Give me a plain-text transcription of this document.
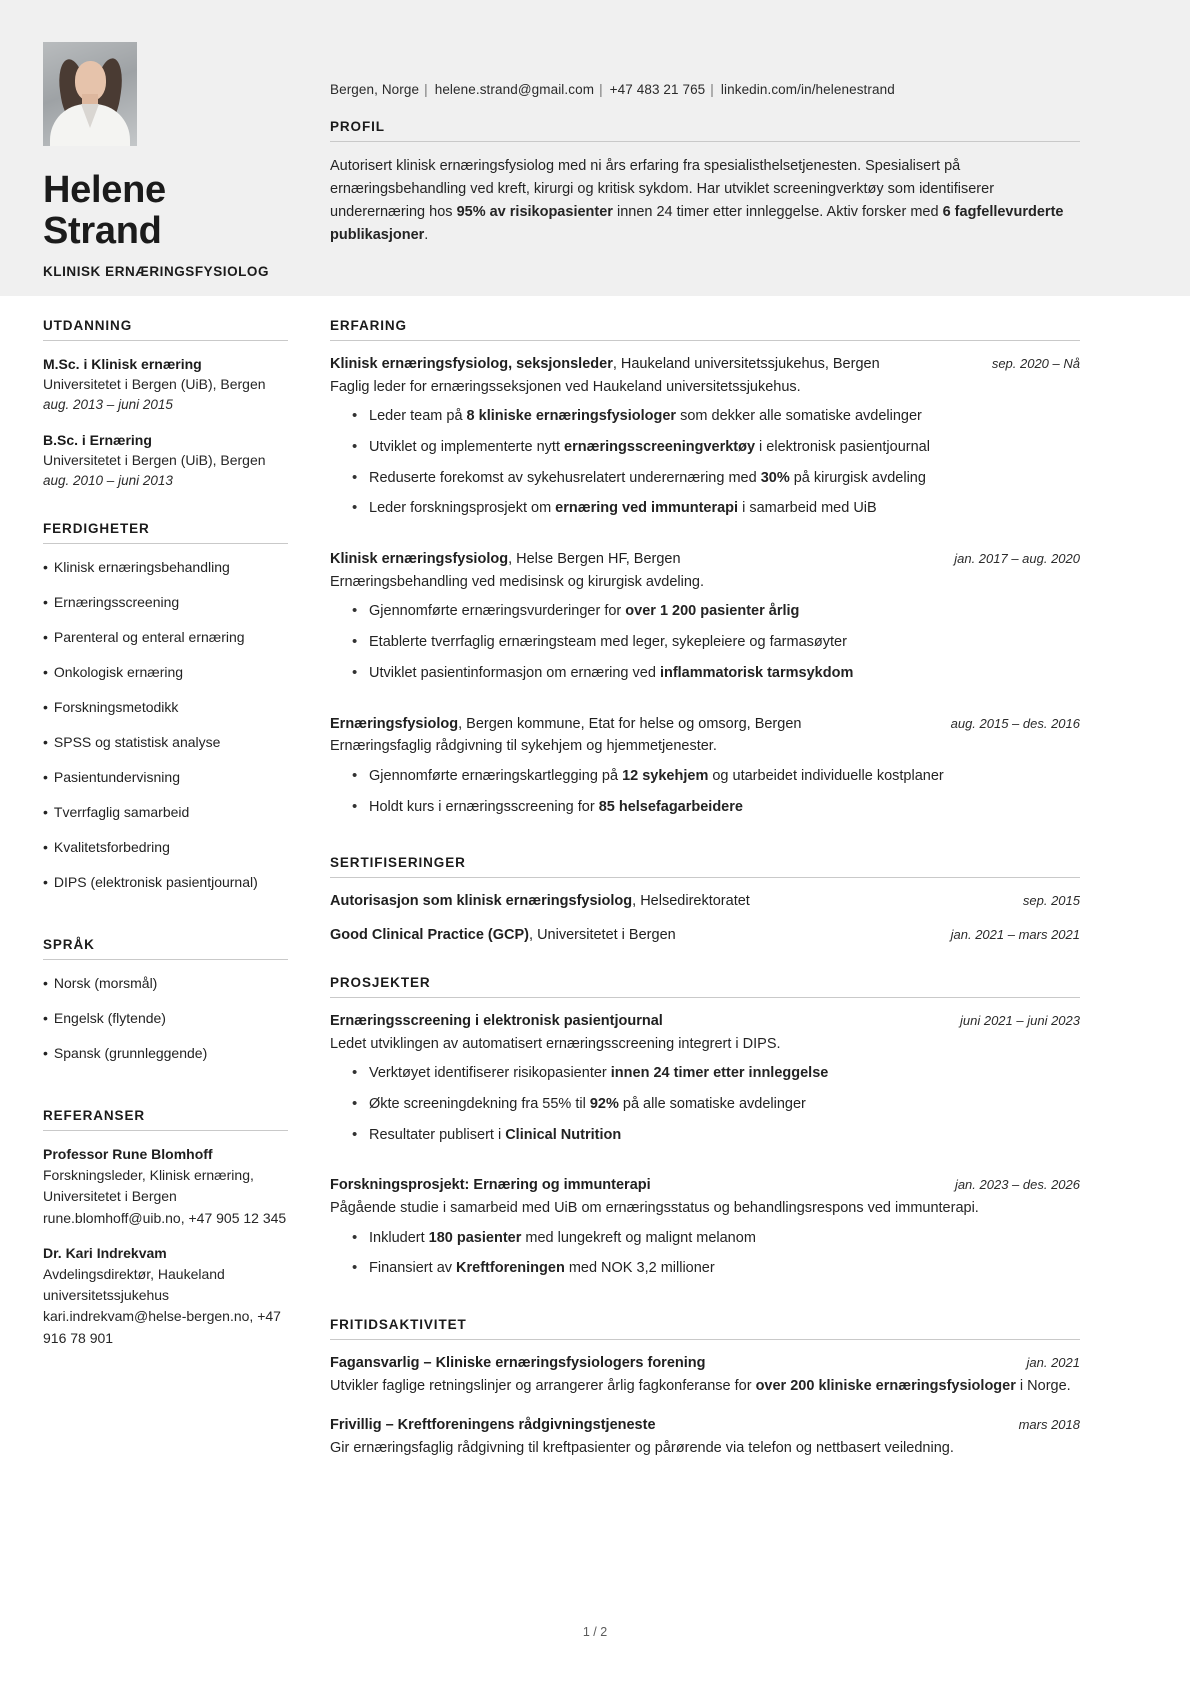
Helene
Strand
KLINISK ERNÆRINGSFYSIOLOG
Bergen, Norge | helene.strand@gmail.com | +47 483 21 765 | linkedin.com/in/helenestrand
PROFIL
Autorisert klinisk ernæringsfysiolog med ni års erfaring fra spesialisthelsetjenesten. Spesialisert på ernæringsbehandling ved kreft, kirurgi og kritisk sykdom. Har utviklet screeningverktøy som identifiserer underernæring hos 95% av risikopasienter innen 24 timer etter innleggelse. Aktiv forsker med 6 fagfellevurderte publikasjoner.
UTDANNING
M.Sc. i Klinisk ernæring
Universitetet i Bergen (UiB), Bergen
aug. 2013 – juni 2015
B.Sc. i Ernæring
Universitetet i Bergen (UiB), Bergen
aug. 2010 – juni 2013
FERDIGHETER
• Klinisk ernæringsbehandling
• Ernæringsscreening
• Parenteral og enteral ernæring
• Onkologisk ernæring
• Forskningsmetodikk
• SPSS og statistisk analyse
• Pasientundervisning
• Tverrfaglig samarbeid
• Kvalitetsforbedring
• DIPS (elektronisk pasientjournal)
SPRÅK
• Norsk (morsmål)
• Engelsk (flytende)
• Spansk (grunnleggende)
REFERANSER
Professor Rune Blomhoff
Forskningsleder, Klinisk ernæring, Universitetet i Bergen
rune.blomhoff@uib.no, +47 905 12 345
Dr. Kari Indrekvam
Avdelingsdirektør, Haukeland universitetssjukehus
kari.indrekvam@helse-bergen.no, +47 916 78 901
ERFARING
Klinisk ernæringsfysiolog, seksjonsleder, Haukeland universitetssjukehus, Bergen	sep. 2020 – Nå
Faglig leder for ernæringsseksjonen ved Haukeland universitetssjukehus.
• Leder team på 8 kliniske ernæringsfysiologer som dekker alle somatiske avdelinger
• Utviklet og implementerte nytt ernæringsscreeningverktøy i elektronisk pasientjournal
• Reduserte forekomst av sykehusrelatert underernæring med 30% på kirurgisk avdeling
• Leder forskningsprosjekt om ernæring ved immunterapi i samarbeid med UiB
Klinisk ernæringsfysiolog, Helse Bergen HF, Bergen	jan. 2017 – aug. 2020
Ernæringsbehandling ved medisinsk og kirurgisk avdeling.
• Gjennomførte ernæringsvurderinger for over 1 200 pasienter årlig
• Etablerte tverrfaglig ernæringsteam med leger, sykepleiere og farmasøyter
• Utviklet pasientinformasjon om ernæring ved inflammatorisk tarmsykdom
Ernæringsfysiolog, Bergen kommune, Etat for helse og omsorg, Bergen	aug. 2015 – des. 2016
Ernæringsfaglig rådgivning til sykehjem og hjemmetjenester.
• Gjennomførte ernæringskartlegging på 12 sykehjem og utarbeidet individuelle kostplaner
• Holdt kurs i ernæringsscreening for 85 helsefagarbeidere
SERTIFISERINGER
Autorisasjon som klinisk ernæringsfysiolog, Helsedirektoratet	sep. 2015
Good Clinical Practice (GCP), Universitetet i Bergen	jan. 2021 – mars 2021
PROSJEKTER
Ernæringsscreening i elektronisk pasientjournal	juni 2021 – juni 2023
Ledet utviklingen av automatisert ernæringsscreening integrert i DIPS.
• Verktøyet identifiserer risikopasienter innen 24 timer etter innleggelse
• Økte screeningdekning fra 55% til 92% på alle somatiske avdelinger
• Resultater publisert i Clinical Nutrition
Forskningsprosjekt: Ernæring og immunterapi	jan. 2023 – des. 2026
Pågående studie i samarbeid med UiB om ernæringsstatus og behandlingsrespons ved immunterapi.
• Inkludert 180 pasienter med lungekreft og malignt melanom
• Finansiert av Kreftforeningen med NOK 3,2 millioner
FRITIDSAKTIVITET
Fagansvarlig – Kliniske ernæringsfysiologers forening	jan. 2021
Utvikler faglige retningslinjer og arrangerer årlig fagkonferanse for over 200 kliniske ernæringsfysiologer i Norge.
Frivillig – Kreftforeningens rådgivningstjeneste	mars 2018
Gir ernæringsfaglig rådgivning til kreftpasienter og pårørende via telefon og nettbasert veiledning.
1 / 2
